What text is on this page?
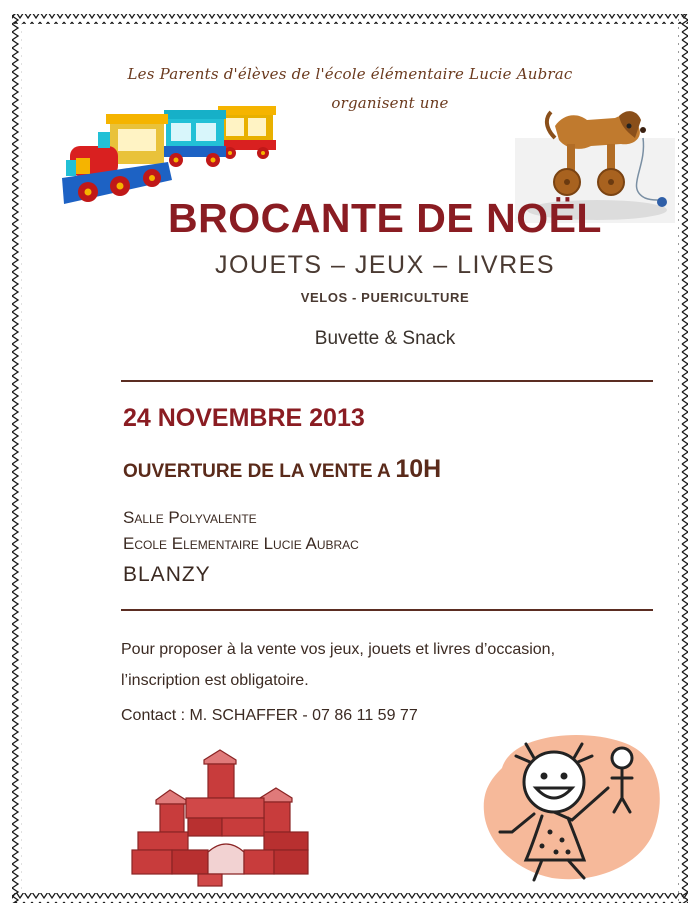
Les Parents d'élèves de l'école élémentaire Lucie Aubrac
organisent une
BROCANTE DE NOËL
JOUETS – JEUX – LIVRES
VELOS - PUERICULTURE
Buvette & Snack
24 NOVEMBRE 2013
OUVERTURE DE LA VENTE A 10H
Salle Polyvalente
Ecole Elementaire Lucie Aubrac
BLANZY
Pour proposer à la vente vos jeux, jouets et livres d’occasion,
l’inscription est obligatoire.
Contact : M. SCHAFFER - 07 86 11 59 77
